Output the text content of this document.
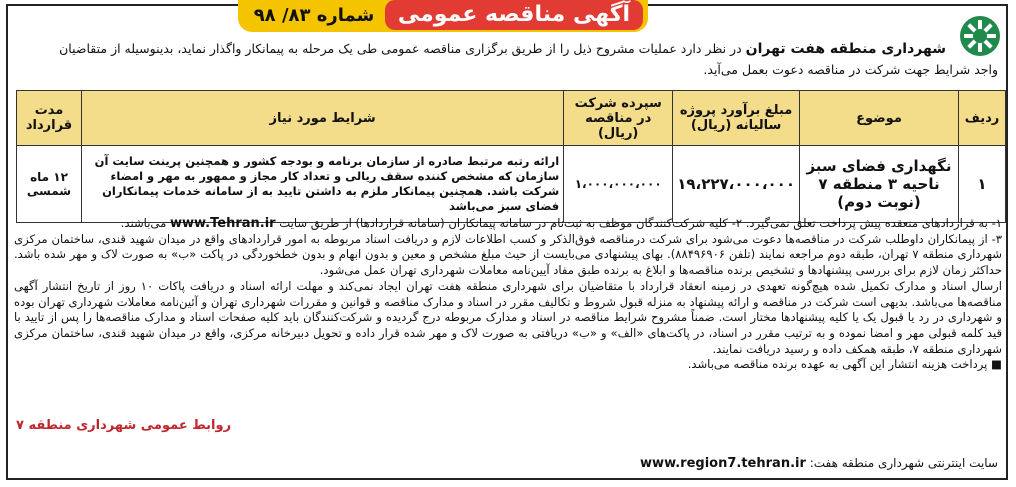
آگهی مناقصه عمومی
شماره ۸۳/ ۹۸
شهرداری منطقه هفت تهران در نظر دارد عملیات مشروح ذیل را از طریق برگزاری مناقصه عمومی طی یک مرحله به پیمانکار واگذار نماید، بدینوسیله از متقاضیان
واجد شرایط جهت شرکت در مناقصه دعوت بعمل می‌آید.
ردیف	موضوع	مبلغ برآورد پروژه سالیانه (ریال)	سپرده شرکت در مناقصه (ریال)	شرایط مورد نیاز	مدت قرارداد
۱	نگهداری فضای سبز ناحیه ۳ منطقه ۷ (نوبت دوم)	۱۹،۲۲۷،۰۰۰،۰۰۰	۱،۰۰۰،۰۰۰،۰۰۰	ارائه رتبه مرتبط صادره از سازمان برنامه و بودجه کشور و همچنین پرینت سایت آن سازمان که مشخص کننده سقف ریالی و تعداد کار مجاز و ممهور به مهر و امضاء شرکت باشد. همچنین پیمانکار ملزم به داشتن تایید به از سامانه خدمات پیمانکاران فضای سبز می‌باشد	۱۲ ماه شمسی

۱- به قراردادهای منعقده پیش پرداخت تعلق نمی‌گیرد. ۲- کلیه شرکت‌کنندگان موظف به ثبت‌نام در سامانه پیمانکاران (سامانه قراردادها) از طریق سایت www.Tehran.ir می‌باشند.

۳- از پیمانکاران داوطلب شرکت در مناقصه‌ها دعوت می‌شود برای شرکت درمناقصه فوق‌الذکر و کسب اطلاعات لازم و دریافت اسناد مربوطه به امور قراردادهای واقع در میدان شهید قندی، ساختمان مرکزی شهرداری منطقه ۷ تهران، طبقه دوم مراجعه نمایند (تلفن ۸۸۴۹۶۹۰۶). بهای پیشنهادی می‌بایست از حیث مبلغ مشخص و معین و بدون ابهام و بدون خطخوردگی در پاکت «ب» به صورت لاک و مهر شده باشد. حداکثر زمان لازم برای بررسی پیشنهادها و تشخیص برنده مناقصه‌ها و ابلاغ به برنده طبق مفاد آیین‌نامه معاملات شهرداری تهران عمل می‌شود.

ارسال اسناد و مدارک تکمیل شده هیچ‌گونه تعهدی در زمینه انعقاد قرارداد با متقاضیان برای شهرداری منطقه هفت تهران ایجاد نمی‌کند و مهلت ارائه اسناد و دریافت پاکات ۱۰ روز از تاریخ انتشار آگهی مناقصه‌ها می‌باشد. بدیهی است شرکت در مناقصه و ارائه پیشنهاد به منزله قبول شروط و تکالیف مقرر در اسناد و مدارک مناقصه و قوانین و مقررات شهرداری تهران و آئین‌نامه معاملات شهرداری تهران بوده و شهرداری در رد یا قبول یک یا کلیه پیشنهادها مختار است. ضمناً مشروح شرایط مناقصه در اسناد و مدارک مربوطه درج گردیده و شرکت‌کنندگان باید کلیه صفحات اسناد و مدارک مناقصه‌ها را پس از تایید با قید کلمه قبولی مهر و امضا نموده و به ترتیب مقرر در اسناد، در پاکت‌های «الف» و «ب» دریافتی به صورت لاک و مهر شده قرار داده و تحویل دبیرخانه مرکزی، واقع در میدان شهید قندی، ساختمان مرکزی شهرداری منطقه ۷، طبقه همکف داده و رسید دریافت نمایند.

■ پرداخت هزینه انتشار این آگهی به عهده برنده مناقصه می‌باشد.

روابط عمومی شهرداری منطقه ۷
سایت اینترنتی شهرداری منطقه هفت: www.region7.tehran.ir
